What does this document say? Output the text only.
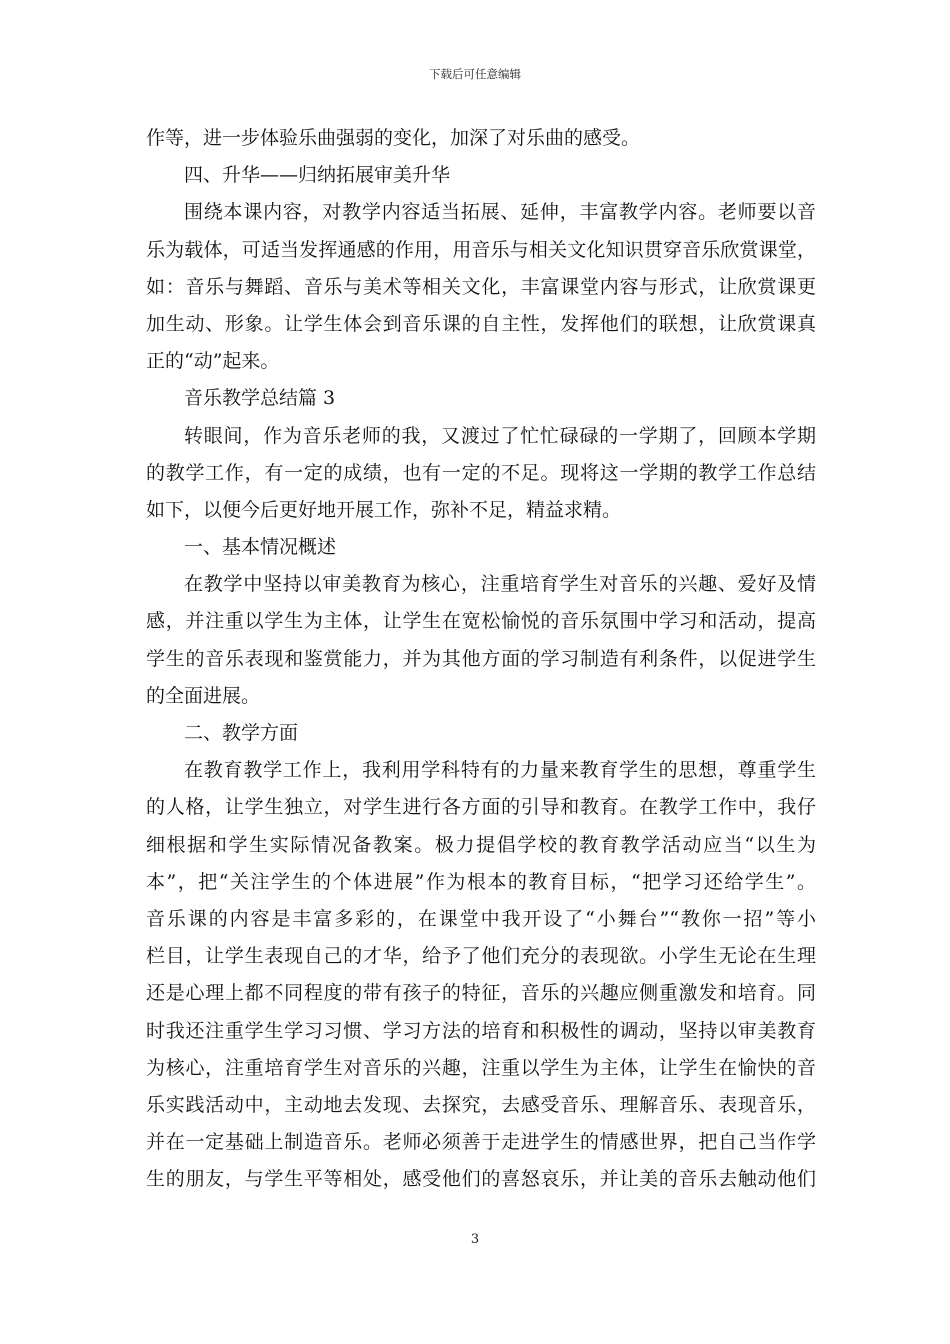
下载后可任意编辑
作等，进一步体验乐曲强弱的变化，加深了对乐曲的感受。
四、升华——归纳拓展审美升华
围绕本课内容，对教学内容适当拓展、延伸，丰富教学内容。老师要以音
乐为载体，可适当发挥通感的作用，用音乐与相关文化知识贯穿音乐欣赏课堂，
如：音乐与舞蹈、音乐与美术等相关文化，丰富课堂内容与形式，让欣赏课更
加生动、形象。让学生体会到音乐课的自主性，发挥他们的联想，让欣赏课真
正的“动”起来。
音乐教学总结篇 3
转眼间，作为音乐老师的我，又渡过了忙忙碌碌的一学期了，回顾本学期
的教学工作，有一定的成绩，也有一定的不足。现将这一学期的教学工作总结
如下，以便今后更好地开展工作，弥补不足，精益求精。
一、基本情况概述
在教学中坚持以审美教育为核心，注重培育学生对音乐的兴趣、爱好及情
感，并注重以学生为主体，让学生在宽松愉悦的音乐氛围中学习和活动，提高
学生的音乐表现和鉴赏能力，并为其他方面的学习制造有利条件，以促进学生
的全面进展。
二、教学方面
在教育教学工作上，我利用学科特有的力量来教育学生的思想，尊重学生
的人格，让学生独立，对学生进行各方面的引导和教育。在教学工作中，我仔
细根据和学生实际情况备教案。极力提倡学校的教育教学活动应当“以生为
本”，把“关注学生的个体进展”作为根本的教育目标，“把学习还给学生”。
音乐课的内容是丰富多彩的，在课堂中我开设了“小舞台”“教你一招”等小
栏目，让学生表现自己的才华，给予了他们充分的表现欲。小学生无论在生理
还是心理上都不同程度的带有孩子的特征，音乐的兴趣应侧重激发和培育。同
时我还注重学生学习习惯、学习方法的培育和积极性的调动，坚持以审美教育
为核心，注重培育学生对音乐的兴趣，注重以学生为主体，让学生在愉快的音
乐实践活动中，主动地去发现、去探究，去感受音乐、理解音乐、表现音乐，
并在一定基础上制造音乐。老师必须善于走进学生的情感世界，把自己当作学
生的朋友，与学生平等相处，感受他们的喜怒哀乐，并让美的音乐去触动他们
3
